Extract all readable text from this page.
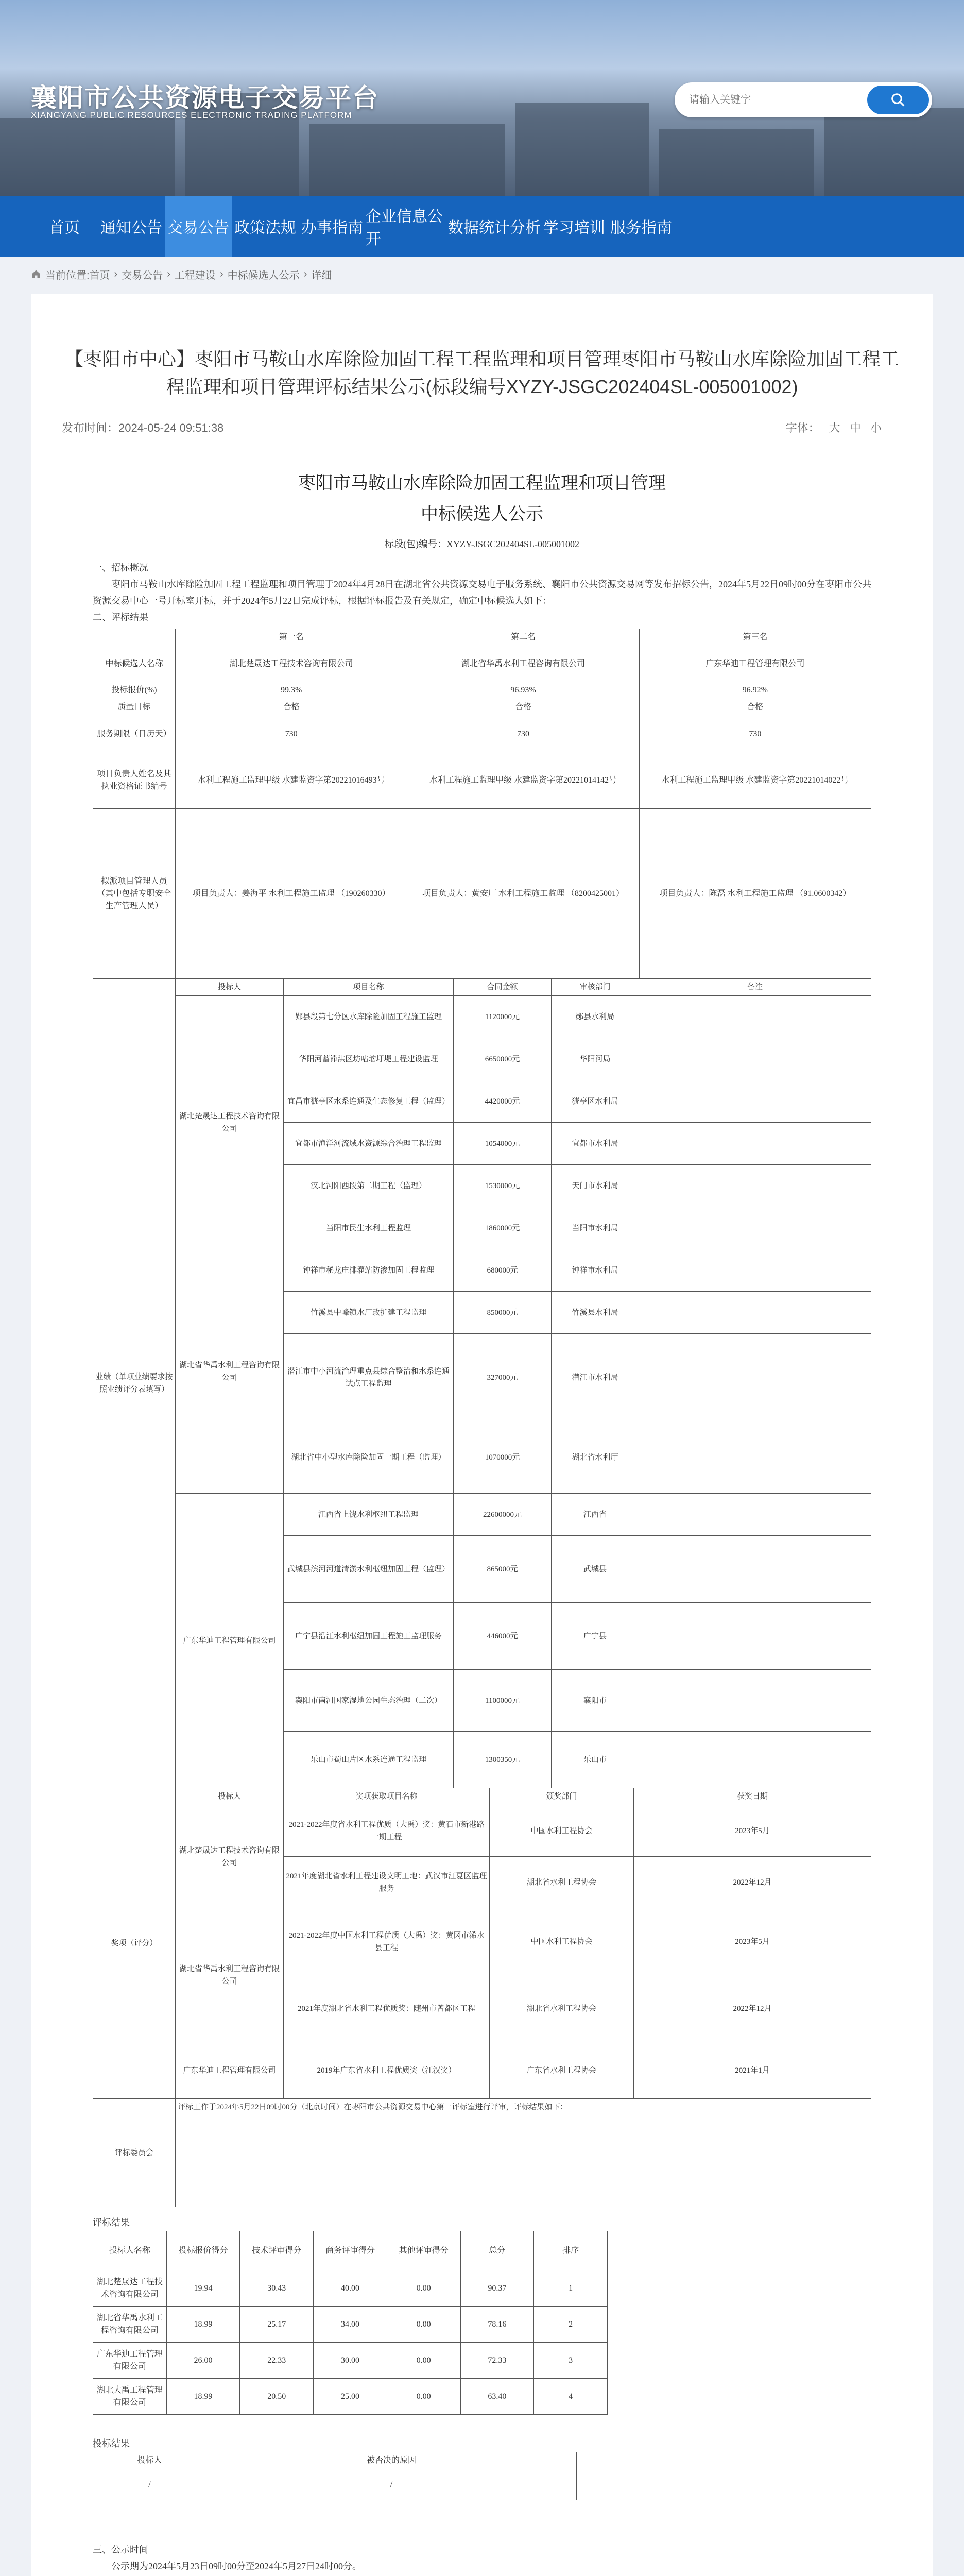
襄阳市公共资源电子交易平台
XIANGYANG PUBLIC RESOURCES ELECTRONIC TRADING PLATFORM
请输入关键字
首页	通知公告 交易公告 政策法规 办事指南
企业信息公开
数据统计分析 学习培训 服务指南
当前位置: 首页 › 交易公告 › 工程建设 › 中标候选人公示 › 详细
【枣阳市中心】枣阳市马鞍山水库除险加固工程工程监理和项目管理枣阳市马鞍山水库除险加固工程工程监理和项目管理评标结果公示(标段编号XYZY-JSGC202404SL-005001002)
发布时间：2024-05-24 09:51:38	字体： 大 中 小
枣阳市马鞍山水库除险加固工程监理和项目管理
中标候选人公示

标段(包)编号：XYZY-JSGC202404SL-005001002

一、招标概况

枣阳市马鞍山水库除险加固工程工程监理和项目管理于2024年4月28日在湖北省公共资源交易电子服务系统、襄阳市公共资源交易网等发布招标公告，2024年5月22日09时00分在枣阳市公共资源交易中心一号开标室开标，并于2024年5月22日完成评标，根据评标报告及有关规定，确定中标候选人如下：

二、评标结果

	第一名	第二名	第三名
中标候选人名称	湖北楚晟达工程技术咨询有限公司	湖北省华禹水利工程咨询有限公司	广东华迪工程管理有限公司
投标报价(%)	99.3%	96.93%	96.92%
质量目标	合格	合格	合格
服务期限（日历天）	730	730	730
项目负责人姓名及其执业资格证书编号	水利工程施工监理甲级 水建监资字第20221016493号	水利工程施工监理甲级 水建监资字第20221014142号	水利工程施工监理甲级 水建监资字第20221014022号
拟派项目管理人员（其中包括专职安全生产管理人员）	项目负责人：姜海平 水利工程施工监理 （190260330）	项目负责人：黄安厂 水利工程施工监理 （8200425001）	项目负责人：陈磊 水利工程施工监理 （91.0600342）
业绩（单项业绩要求按照业绩评分表填写）	投标人	项目名称	合同金额	审核部门	备注
	湖北楚晟达工程技术咨询有限公司	郧县段第七分区水库除险加固工程施工监理	1120000元	郧县水利局	
		华阳河蓄滞洪区坊咕垴圩堤工程建设监理	6650000元	华阳河局	
		宜昌市猇亭区水系连通及生态修复工程（监理）	4420000元	猇亭区水利局	
		宜都市渔洋河流域水资源综合治理工程监理	1054000元	宜都市水利局	
		汉北河阳西段第二期工程（监理）	1530000元	天门市水利局	
		当阳市民生水利工程监理	1860000元	当阳市水利局	
	湖北省华禹水利工程咨询有限公司	钟祥市秘龙庄排灌站防渗加固工程监理	680000元	钟祥市水利局	
		竹溪县中峰镇水厂改扩建工程监理	850000元	竹溪县水利局	
		潜江市中小河流治理重点县综合整治和水系连通试点工程监理	327000元	潜江市水利局	
		湖北省中小型水库除险加固一期工程（监理）	1070000元	湖北省水利厅	
	广东华迪工程管理有限公司	江西省上饶水利枢纽工程监理	22600000元	江西省	
		武城县滨河河道清淤水利枢纽加固工程（监理）	865000元	武城县	
		广宁县沿江水利枢纽加固工程施工监理服务	446000元	广宁县	
		襄阳市南河国家湿地公园生态治理（二次）	1100000元	襄阳市	
		乐山市蜀山片区水系连通工程监理	1300350元	乐山市	
奖项（评分）	投标人	奖项获取项目名称	颁奖部门	获奖日期
	湖北楚晟达工程技术咨询有限公司	2021-2022年度省水利工程优质（大禹）奖：黄石市新港路一期工程	中国水利工程协会	2023年5月
		2021年度湖北省水利工程建设文明工地：武汉市江夏区监理服务	湖北省水利工程协会	2022年12月
	湖北省华禹水利工程咨询有限公司	2021-2022年度中国水利工程优质（大禹）奖：黄冈市浠水县工程	中国水利工程协会	2023年5月
		2021年度湖北省水利工程优质奖：随州市曾都区工程	湖北省水利工程协会	2022年12月
	广东华迪工程管理有限公司	2019年广东省水利工程优质奖（江汉奖）	广东省水利工程协会	2021年1月
评标委员会	评标工作于2024年5月22日09时00分（北京时间）在枣阳市公共资源交易中心第一评标室进行评审，评标结果如下：

评标结果

投标人名称	投标报价得分	技术评审得分	商务评审得分	其他评审得分	总分	排序
湖北楚晟达工程技术咨询有限公司	19.94	30.43	40.00	0.00	90.37	1
湖北省华禹水利工程咨询有限公司	18.99	25.17	34.00	0.00	78.16	2
广东华迪工程管理有限公司	26.00	22.33	30.00	0.00	72.33	3
湖北大禹工程管理有限公司	18.99	20.50	25.00	0.00	63.40	4

投标结果

投标人	被否决的原因
/	/

三、公示时间

公示期为2024年5月23日09时00分至2024年5月27日24时00分。
